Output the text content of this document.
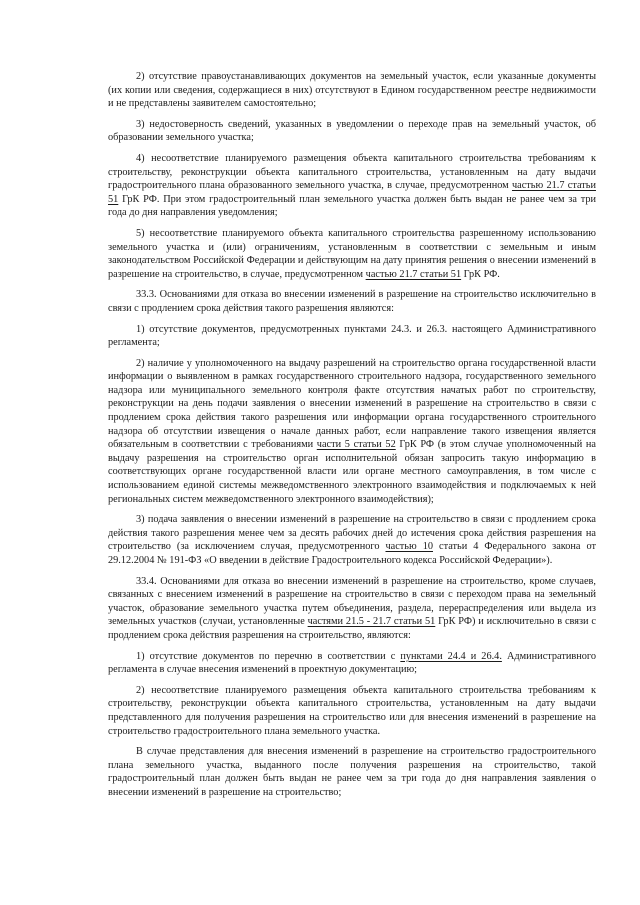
2) отсутствие правоустанавливающих документов на земельный участок, если указанные документы (их копии или сведения, содержащиеся в них) отсутствуют в Едином государственном реестре недвижимости и не представлены заявителем самостоятельно;

3) недостоверность сведений, указанных в уведомлении о переходе прав на земельный участок, об образовании земельного участка;

4) несоответствие планируемого размещения объекта капитального строительства требованиям к строительству, реконструкции объекта капитального строительства, установленным на дату выдачи градостроительного плана образованного земельного участка, в случае, предусмотренном частью 21.7 статьи 51 ГрК РФ. При этом градостроительный план земельного участка должен быть выдан не ранее чем за три года до дня направления уведомления;

5) несоответствие планируемого объекта капитального строительства разрешенному использованию земельного участка и (или) ограничениям, установленным в соответствии с земельным и иным законодательством Российской Федерации и действующим на дату принятия решения о внесении изменений в разрешение на строительство, в случае, предусмотренном частью 21.7 статьи 51 ГрК РФ.

33.3. Основаниями для отказа во внесении изменений в разрешение на строительство исключительно в связи с продлением срока действия такого разрешения являются:

1) отсутствие документов, предусмотренных пунктами 24.3. и 26.3. настоящего Административного регламента;

2) наличие у уполномоченного на выдачу разрешений на строительство органа государственной власти информации о выявленном в рамках государственного строительного надзора, государственного земельного надзора или муниципального земельного контроля факте отсутствия начатых работ по строительству, реконструкции на день подачи заявления о внесении изменений в разрешение на строительство в связи с продлением срока действия такого разрешения или информации органа государственного строительного надзора об отсутствии извещения о начале данных работ, если направление такого извещения является обязательным в соответствии с требованиями части 5 статьи 52 ГрК РФ (в этом случае уполномоченный на выдачу разрешения на строительство орган исполнительной обязан запросить такую информацию в соответствующих органе государственной власти или органе местного самоуправления, в том числе с использованием единой системы межведомственного электронного взаимодействия и подключаемых к ней региональных систем межведомственного электронного взаимодействия);

3) подача заявления о внесении изменений в разрешение на строительство в связи с продлением срока действия такого разрешения менее чем за десять рабочих дней до истечения срока действия разрешения на строительство (за исключением случая, предусмотренного частью 10 статьи 4 Федерального закона от 29.12.2004 № 191-ФЗ «О введении в действие Градостроительного кодекса Российской Федерации»).

33.4. Основаниями для отказа во внесении изменений в разрешение на строительство, кроме случаев, связанных с внесением изменений в разрешение на строительство в связи с переходом права на земельный участок, образование земельного участка путем объединения, раздела, перераспределения или выдела из земельных участков (случаи, установленные частями 21.5 - 21.7 статьи 51 ГрК РФ) и исключительно в связи с продлением срока действия разрешения на строительство, являются:

1) отсутствие документов по перечню в соответствии с пунктами 24.4 и 26.4. Административного регламента в случае внесения изменений в проектную документацию;

2) несоответствие планируемого размещения объекта капитального строительства требованиям к строительству, реконструкции объекта капитального строительства, установленным на дату выдачи представленного для получения разрешения на строительство или для внесения изменений в разрешение на строительство градостроительного плана земельного участка.

В случае представления для внесения изменений в разрешение на строительство градостроительного плана земельного участка, выданного после получения разрешения на строительство, такой градостроительный план должен быть выдан не ранее чем за три года до дня направления заявления о внесении изменений в разрешение на строительство;
